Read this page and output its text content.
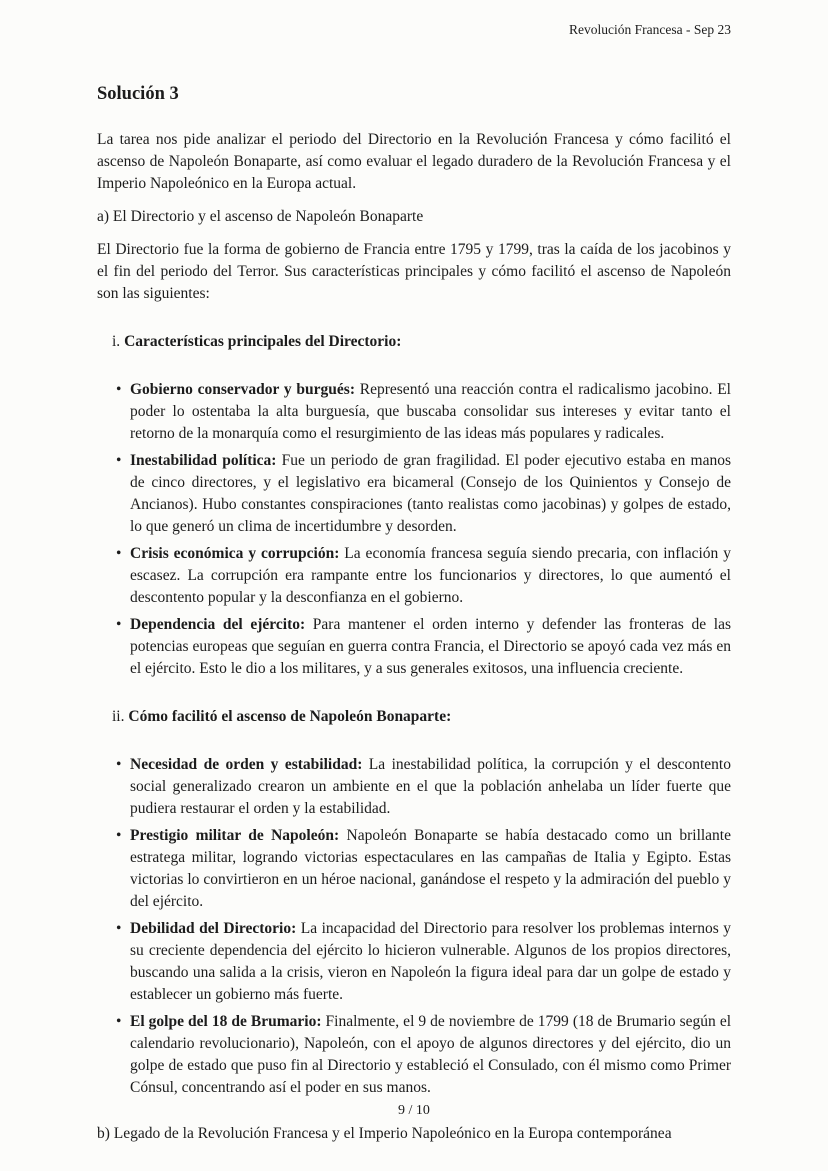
Revolución Francesa - Sep 23
Solución 3

La tarea nos pide analizar el periodo del Directorio en la Revolución Francesa y cómo facilitó el ascenso de Napoleón Bonaparte, así como evaluar el legado duradero de la Revolución Francesa y el Imperio Napoleónico en la Europa actual.

a) El Directorio y el ascenso de Napoleón Bonaparte

El Directorio fue la forma de gobierno de Francia entre 1795 y 1799, tras la caída de los jacobinos y el fin del periodo del Terror. Sus características principales y cómo facilitó el ascenso de Napoleón son las siguientes:

i. Características principales del Directorio:
• Gobierno conservador y burgués: Representó una reacción contra el radicalismo jacobino. El poder lo ostentaba la alta burguesía, que buscaba consolidar sus intereses y evitar tanto el retorno de la monarquía como el resurgimiento de las ideas más populares y radicales.
• Inestabilidad política: Fue un periodo de gran fragilidad. El poder ejecutivo estaba en manos de cinco directores, y el legislativo era bicameral (Consejo de los Quinientos y Consejo de Ancianos). Hubo constantes conspiraciones (tanto realistas como jacobinas) y golpes de estado, lo que generó un clima de incertidumbre y desorden.
• Crisis económica y corrupción: La economía francesa seguía siendo precaria, con inflación y escasez. La corrupción era rampante entre los funcionarios y directores, lo que aumentó el descontento popular y la desconfianza en el gobierno.
• Dependencia del ejército: Para mantener el orden interno y defender las fronteras de las potencias europeas que seguían en guerra contra Francia, el Directorio se apoyó cada vez más en el ejército. Esto le dio a los militares, y a sus generales exitosos, una influencia creciente.
ii. Cómo facilitó el ascenso de Napoleón Bonaparte:
• Necesidad de orden y estabilidad: La inestabilidad política, la corrupción y el descontento social generalizado crearon un ambiente en el que la población anhelaba un líder fuerte que pudiera restaurar el orden y la estabilidad.
• Prestigio militar de Napoleón: Napoleón Bonaparte se había destacado como un brillante estratega militar, logrando victorias espectaculares en las campañas de Italia y Egipto. Estas victorias lo convirtieron en un héroe nacional, ganándose el respeto y la admiración del pueblo y del ejército.
• Debilidad del Directorio: La incapacidad del Directorio para resolver los problemas internos y su creciente dependencia del ejército lo hicieron vulnerable. Algunos de los propios directores, buscando una salida a la crisis, vieron en Napoleón la figura ideal para dar un golpe de estado y establecer un gobierno más fuerte.
• El golpe del 18 de Brumario: Finalmente, el 9 de noviembre de 1799 (18 de Brumario según el calendario revolucionario), Napoleón, con el apoyo de algunos directores y del ejército, dio un golpe de estado que puso fin al Directorio y estableció el Consulado, con él mismo como Primer Cónsul, concentrando así el poder en sus manos.

b) Legado de la Revolución Francesa y el Imperio Napoleónico en la Europa contemporánea

9 / 10
